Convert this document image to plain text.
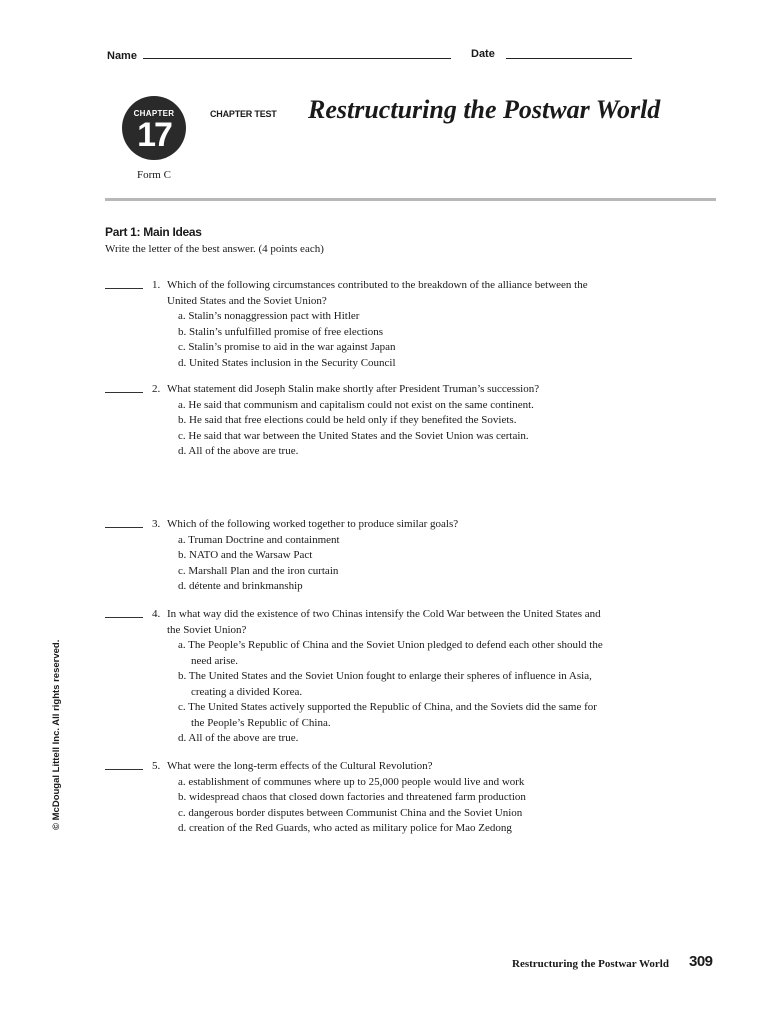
Name	Date
CHAPTER
17
CHAPTER TEST Restructuring the Postwar World
Form C
Part 1: Main Ideas
Write the letter of the best answer. (4 points each)
1. Which of the following circumstances contributed to the breakdown of the alliance between the United States and the Soviet Union?
a. Stalin’s nonaggression pact with Hitler
b. Stalin’s unfulfilled promise of free elections
c. Stalin’s promise to aid in the war against Japan
d. United States inclusion in the Security Council
2. What statement did Joseph Stalin make shortly after President Truman’s succession?
a. He said that communism and capitalism could not exist on the same continent.
b. He said that free elections could be held only if they benefited the Soviets.
c. He said that war between the United States and the Soviet Union was certain.
d. All of the above are true.
3. Which of the following worked together to produce similar goals?
a. Truman Doctrine and containment
b. NATO and the Warsaw Pact
c. Marshall Plan and the iron curtain
d. détente and brinkmanship
4. In what way did the existence of two Chinas intensify the Cold War between the United States and the Soviet Union?
a. The People’s Republic of China and the Soviet Union pledged to defend each other should the need arise.
b. The United States and the Soviet Union fought to enlarge their spheres of influence in Asia, creating a divided Korea.
c. The United States actively supported the Republic of China, and the Soviets did the same for the People’s Republic of China.
d. All of the above are true.
5. What were the long-term effects of the Cultural Revolution?
a. establishment of communes where up to 25,000 people would live and work
b. widespread chaos that closed down factories and threatened farm production
c. dangerous border disputes between Communist China and the Soviet Union
d. creation of the Red Guards, who acted as military police for Mao Zedong
© McDougal Littell Inc. All rights reserved.
Restructuring the Postwar World 309
